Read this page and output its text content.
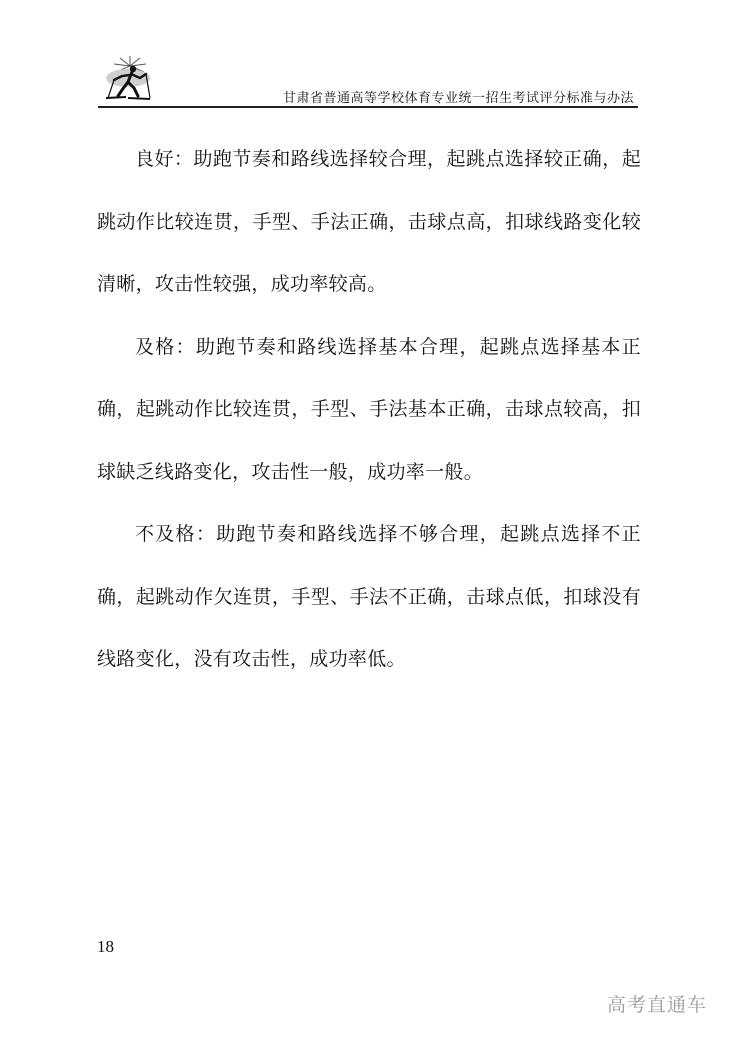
甘肃省普通高等学校体育专业统一招生考试评分标准与办法

良好：助跑节奏和路线选择较合理，起跳点选择较正确，起跳动作比较连贯，手型、手法正确，击球点高，扣球线路变化较清晰，攻击性较强，成功率较高。

及格：助跑节奏和路线选择基本合理，起跳点选择基本正确，起跳动作比较连贯，手型、手法基本正确，击球点较高，扣球缺乏线路变化，攻击性一般，成功率一般。

不及格：助跑节奏和路线选择不够合理，起跳点选择不正确，起跳动作欠连贯，手型、手法不正确，击球点低，扣球没有线路变化，没有攻击性，成功率低。

18
高考直通车
